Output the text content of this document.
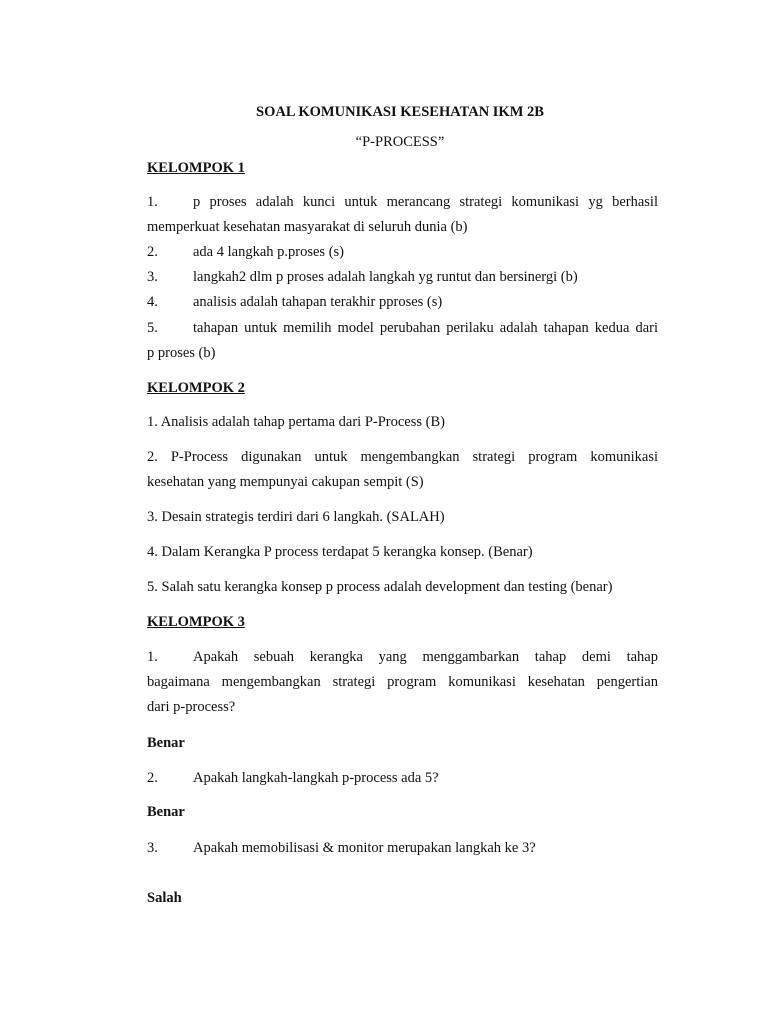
SOAL KOMUNIKASI KESEHATAN IKM 2B
“P-PROCESS”
KELOMPOK 1
1. p proses adalah kunci untuk merancang strategi komunikasi yg berhasil
memperkuat kesehatan masyarakat di seluruh dunia (b)
2. ada 4 langkah p.proses (s)
3. langkah2 dlm p proses adalah langkah yg runtut dan bersinergi (b)
4. analisis adalah tahapan terakhir pproses (s)
5. tahapan untuk memilih model perubahan perilaku adalah tahapan kedua dari
p proses (b)
KELOMPOK 2
1. Analisis adalah tahap pertama dari P-Process (B)
2. P-Process digunakan untuk mengembangkan strategi program komunikasi
kesehatan yang mempunyai cakupan sempit (S)
3. Desain strategis terdiri dari 6 langkah. (SALAH)
4. Dalam Kerangka P process terdapat 5 kerangka konsep. (Benar)
5. Salah satu kerangka konsep p process adalah development dan testing (benar)
KELOMPOK 3
1. Apakah sebuah kerangka yang menggambarkan tahap demi tahap
bagaimana mengembangkan strategi program komunikasi kesehatan pengertian
dari p-process?
Benar
2. Apakah langkah-langkah p-process ada 5?
Benar
3. Apakah memobilisasi & monitor merupakan langkah ke 3?
Salah
